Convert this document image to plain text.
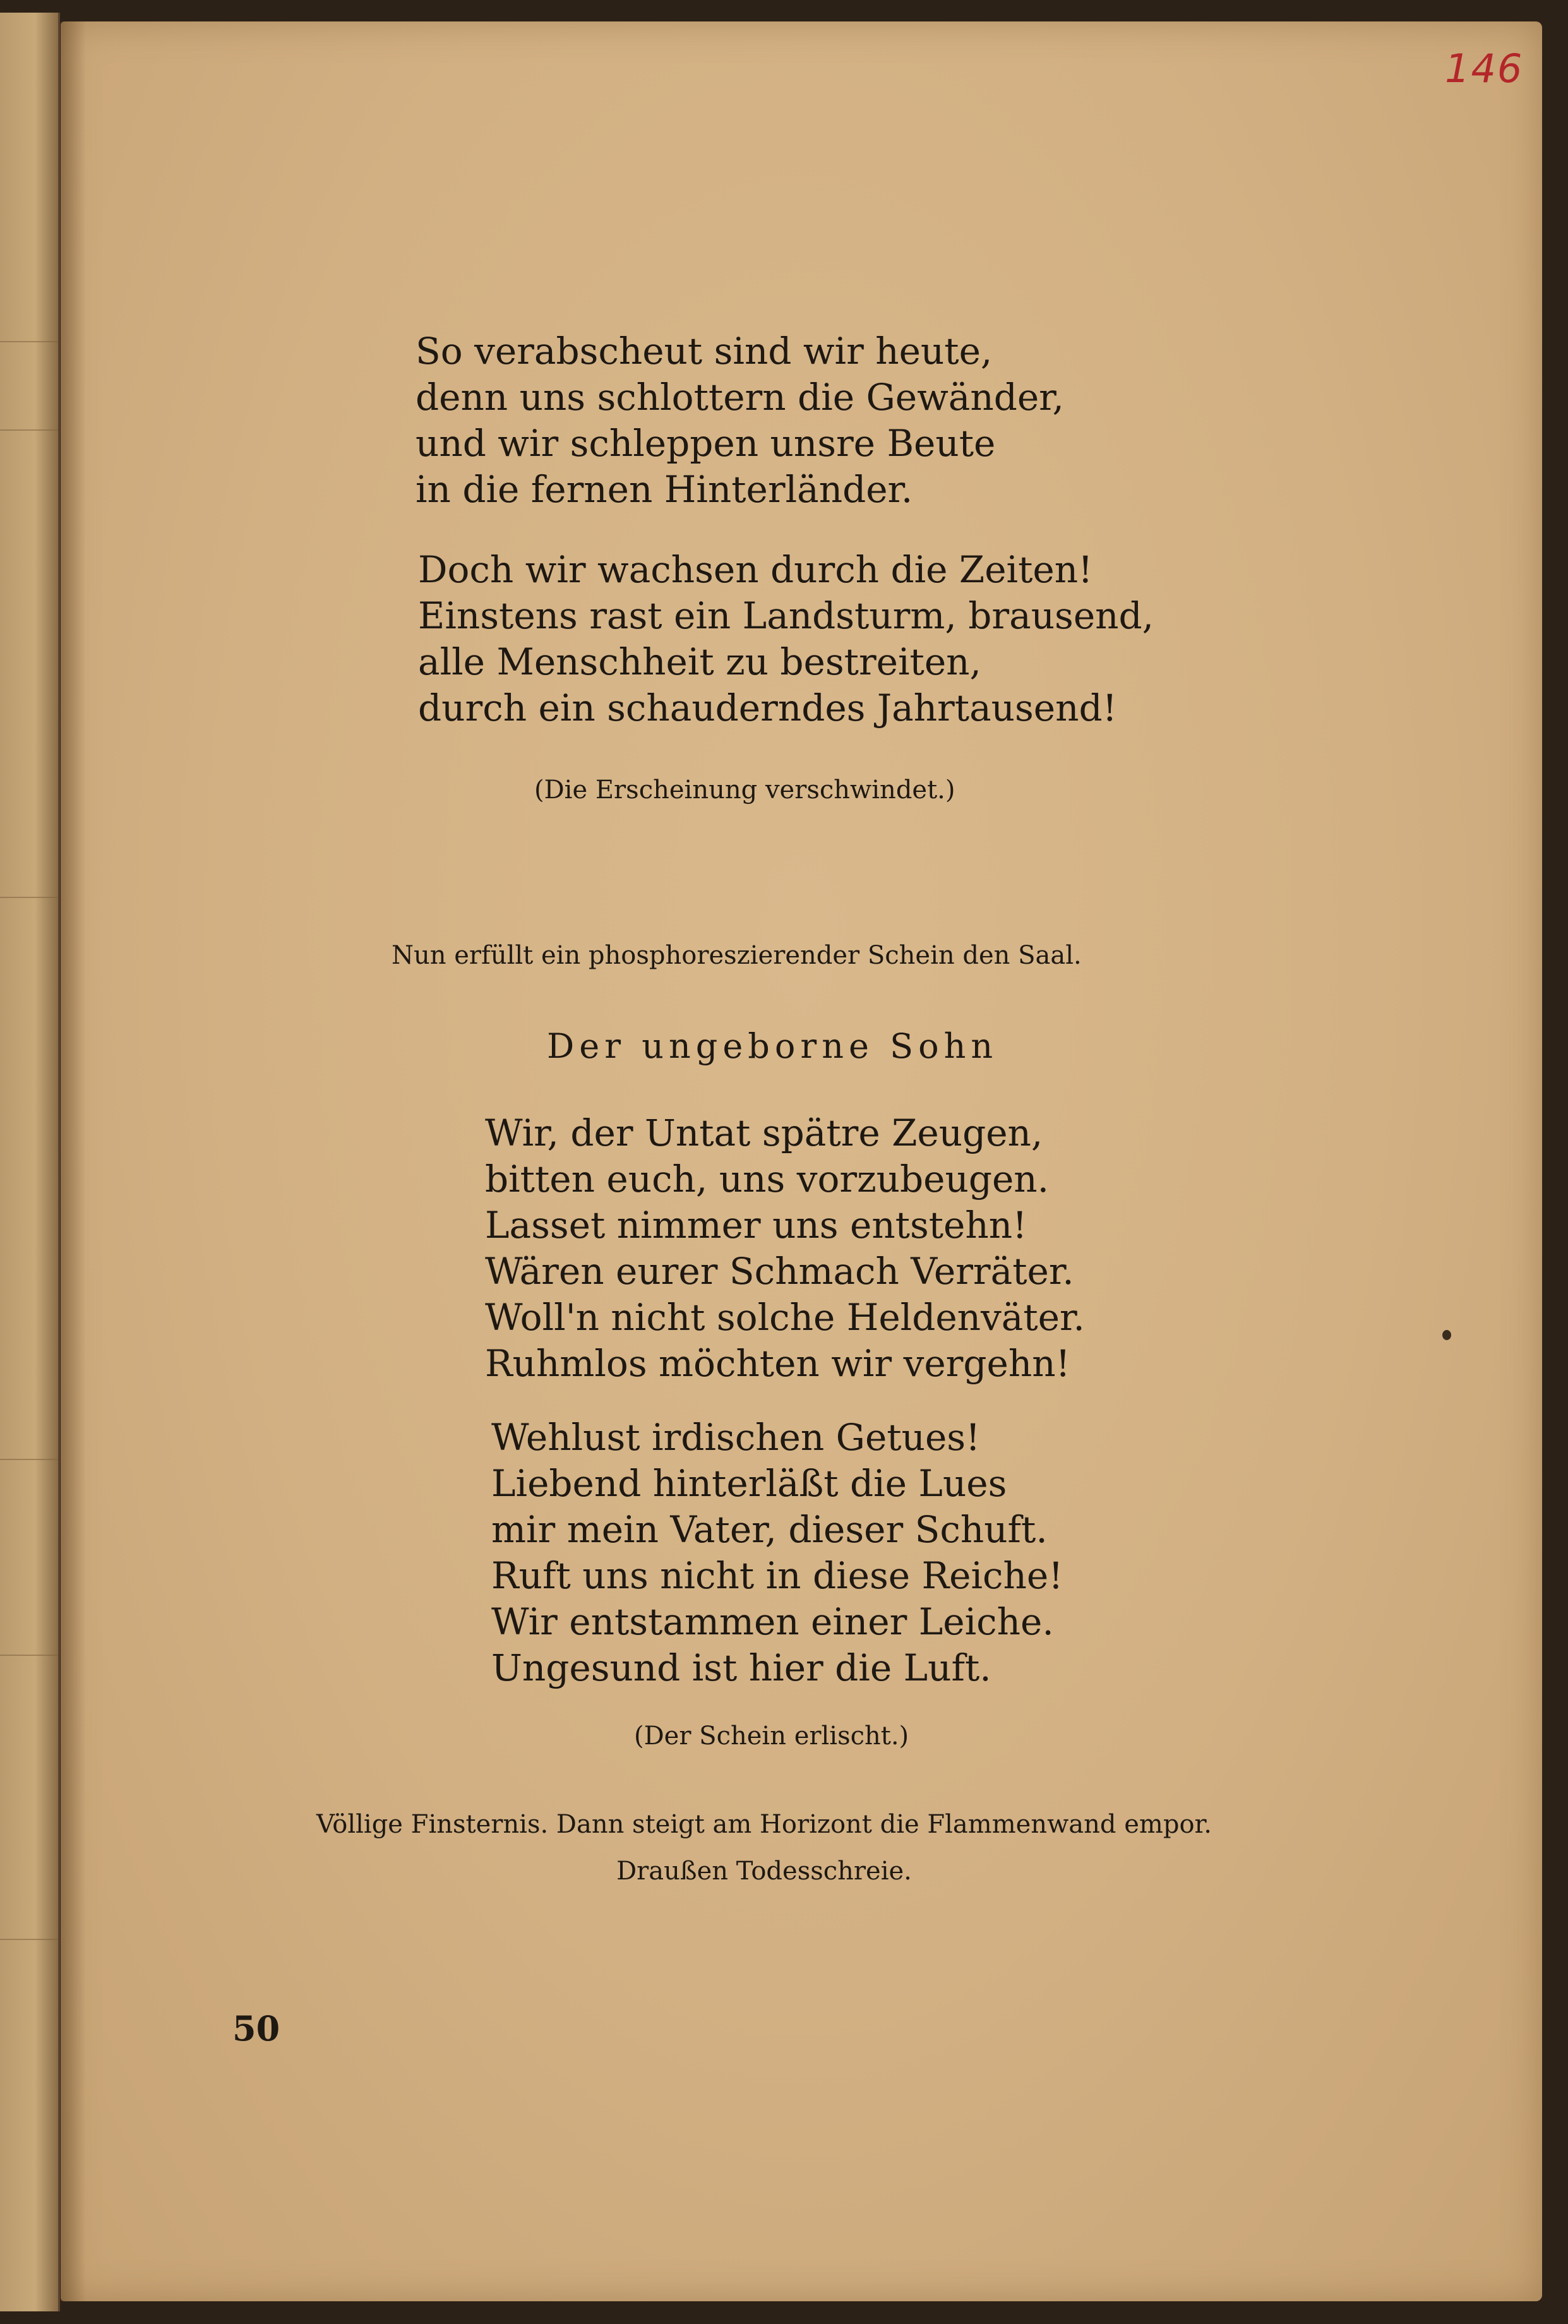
146
So verabscheut sind wir heute,
denn uns schlottern die Gewänder,
und wir schleppen unsre Beute
in die fernen Hinterländer.
Doch wir wachsen durch die Zeiten!
Einstens rast ein Landsturm, brausend,
alle Menschheit zu bestreiten,
durch ein schauderndes Jahrtausend!
(Die Erscheinung verschwindet.)
Nun erfüllt ein phosphoreszierender Schein den Saal.
Der ungeborne Sohn
Wir, der Untat spätre Zeugen,
bitten euch, uns vorzubeugen.
Lasset nimmer uns entstehn!
Wären eurer Schmach Verräter.
Woll'n nicht solche Heldenväter.
Ruhmlos möchten wir vergehn!
Wehlust irdischen Getues!
Liebend hinterläßt die Lues
mir mein Vater, dieser Schuft.
Ruft uns nicht in diese Reiche!
Wir entstammen einer Leiche.
Ungesund ist hier die Luft.
(Der Schein erlischt.)
Völlige Finsternis. Dann steigt am Horizont die Flammenwand empor.
Draußen Todesschreie.
50
